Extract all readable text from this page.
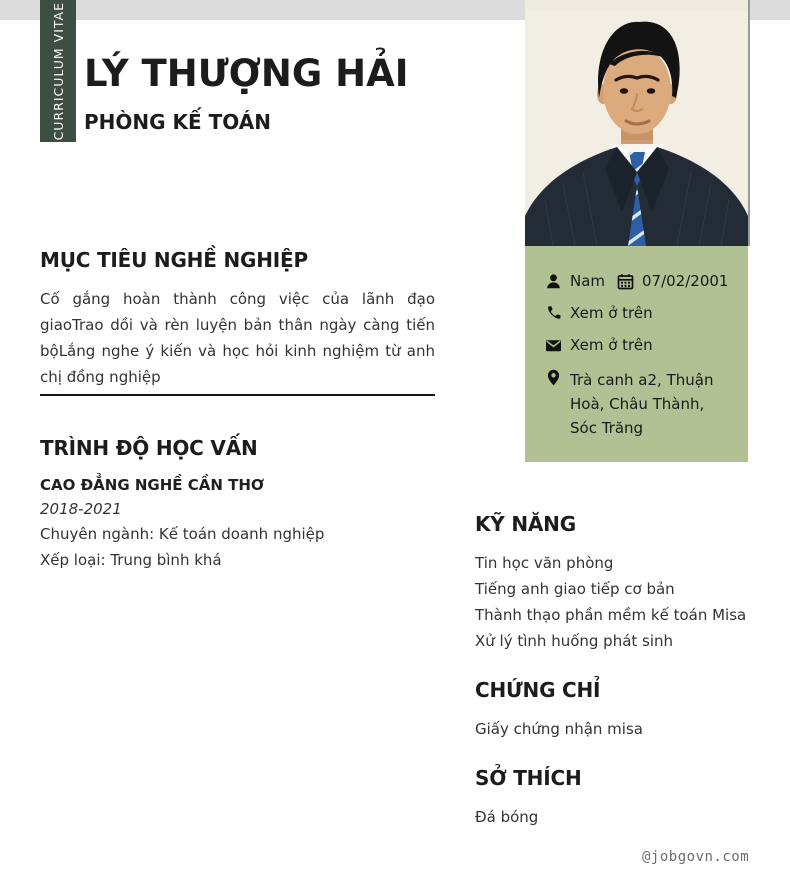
CURRICULUM VITAE LÝ THƯỢNG HẢI
PHÒNG KẾ TOÁN
Nam 07/02/2001
Xem ở trên
Xem ở trên
Trà canh a2, Thuận Hoà, Châu Thành, Sóc Trăng
MỤC TIÊU NGHỀ NGHIỆP

Cố gắng hoàn thành công việc của lãnh đạo giaoTrao dồi và rèn luyện bản thân ngày càng tiến bộLắng nghe ý kiến và học hỏi kinh nghiệm từ anh chị đồng nghiệp

TRÌNH ĐỘ HỌC VẤN
CAO ĐẲNG NGHỀ CẦN THƠ
2018-2021
Chuyên ngành: Kế toán doanh nghiệp
Xếp loại: Trung bình khá
KỸ NĂNG
Tin học văn phòng
Tiếng anh giao tiếp cơ bản
Thành thạo phần mềm kế toán Misa
Xử lý tình huống phát sinh
CHỨNG CHỈ
Giấy chứng nhận misa
SỞ THÍCH
Đá bóng
@jobgovn.com
